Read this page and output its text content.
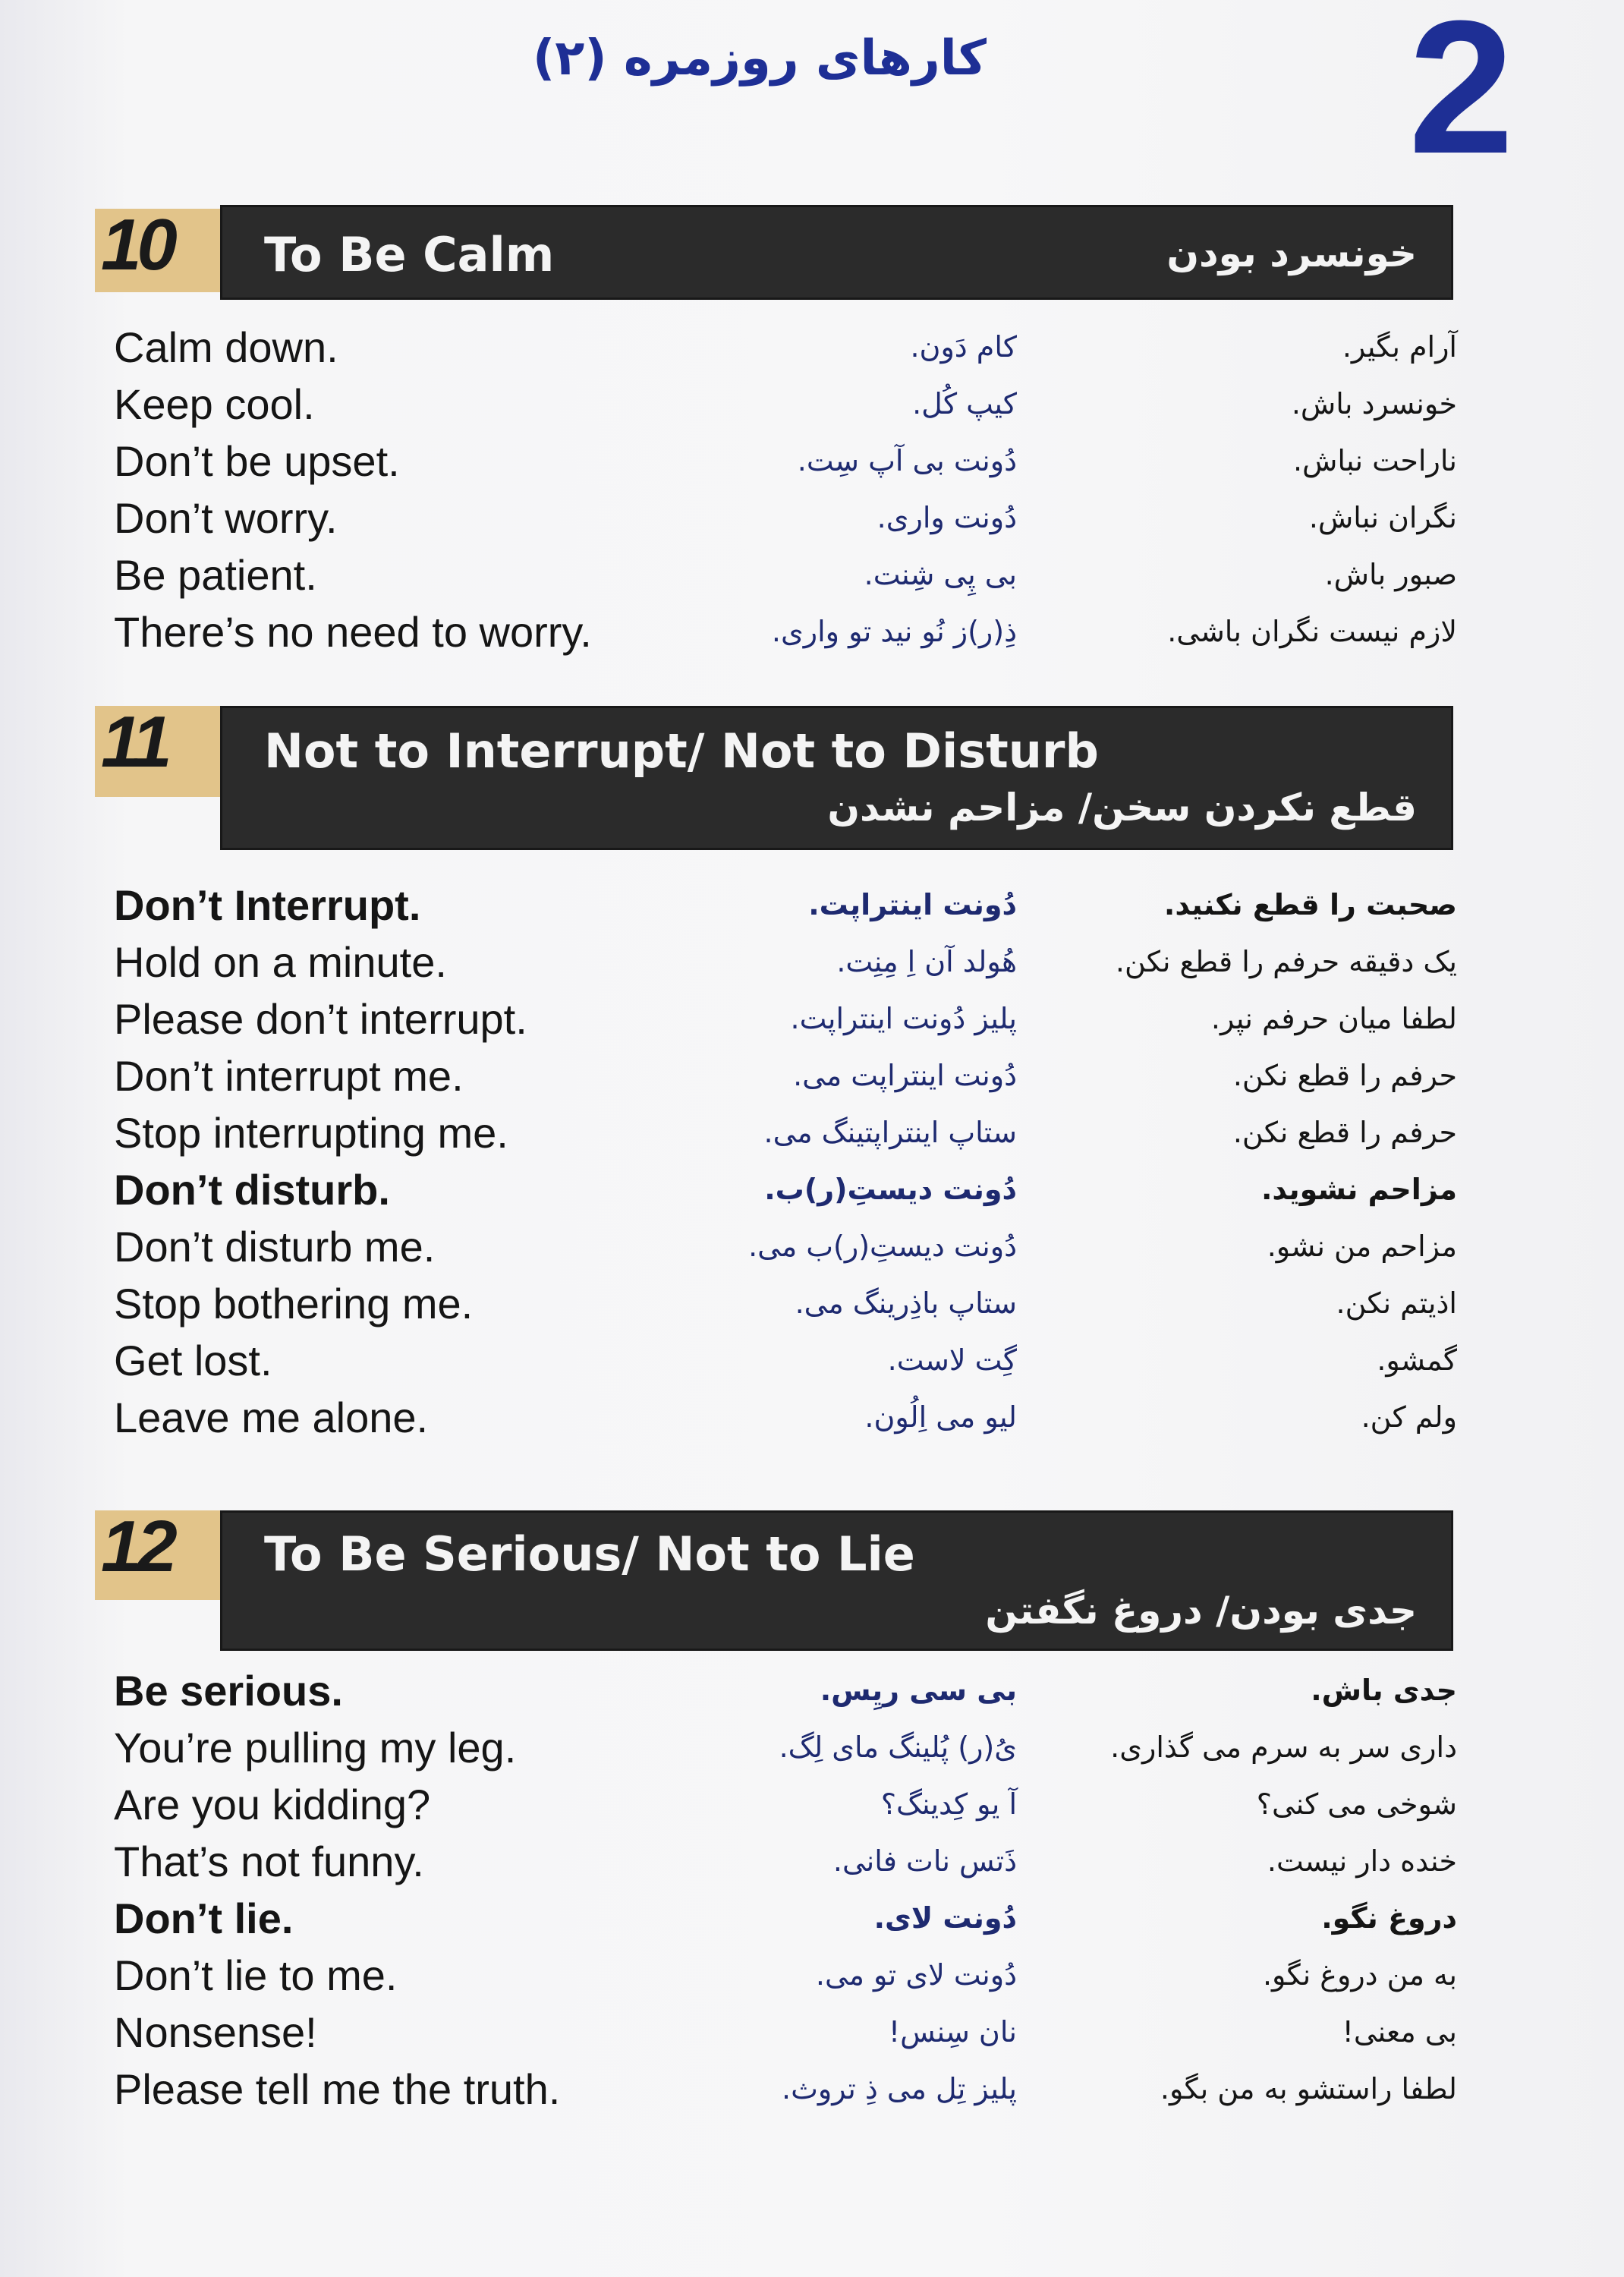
کارهای روزمره (۲) 2
10	To Be Calm	خونسرد بودن
Calm down.	کام دَون.	آرام بگیر.
Keep cool.	کیپ کُل.	خونسرد باش.
Don’t be upset.	دُونت بی آپ سِت.	ناراحت نباش.
Don’t worry.	دُونت واری.	نگران نباش.
Be patient.	بی پِی شِنت.	صبور باش.
There’s no need to worry.	ذِ(ر)ز نُو نید تو واری.	لازم نیست نگران باشی.
11	Not to Interrupt/ Not to Disturb
قطع نکردن سخن/ مزاحم نشدن
Don’t Interrupt.	دُونت اینتراپت.	صحبت را قطع نکنید.
Hold on a minute.	هُولد آن اِ مِنِت.	یک دقیقه حرفم را قطع نکن.
Please don’t interrupt.	پلیز دُونت اینتراپت.	لطفا میان حرفم نپر.
Don’t interrupt me.	دُونت اینتراپت می.	حرفم را قطع نکن.
Stop interrupting me.	ستاپ اینتراپتینگ می.	حرفم را قطع نکن.
Don’t disturb.	دُونت دیستِ(ر)ب.	مزاحم نشوید.
Don’t disturb me.	دُونت دیستِ(ر)ب می.	مزاحم من نشو.
Stop bothering me.	ستاپ باذِرینگ می.	اذیتم نکن.
Get lost.	گِت لاست.	گمشو.
Leave me alone.	لیو می اِلُون.	ولم کن.
12	To Be Serious/ Not to Lie
جدی بودن/ دروغ نگفتن
Be serious.	بی سی ریِس.	جدی باش.
You’re pulling my leg.	یُ(ر) پُلینگ مای لِگ.	داری سر به سرم می گذاری.
Are you kidding?	آ یو کِدینگ؟	شوخی می کنی؟
That’s not funny.	ذَتس نات فانی.	خنده دار نیست.
Don’t lie.	دُونت لای.	دروغ نگو.
Don’t lie to me.	دُونت لای تو می.	به من دروغ نگو.
Nonsense!	نان سِنس!	بی معنی!
Please tell me the truth.	پلیز تِل می ذِ تروث.	لطفا راستشو به من بگو.
